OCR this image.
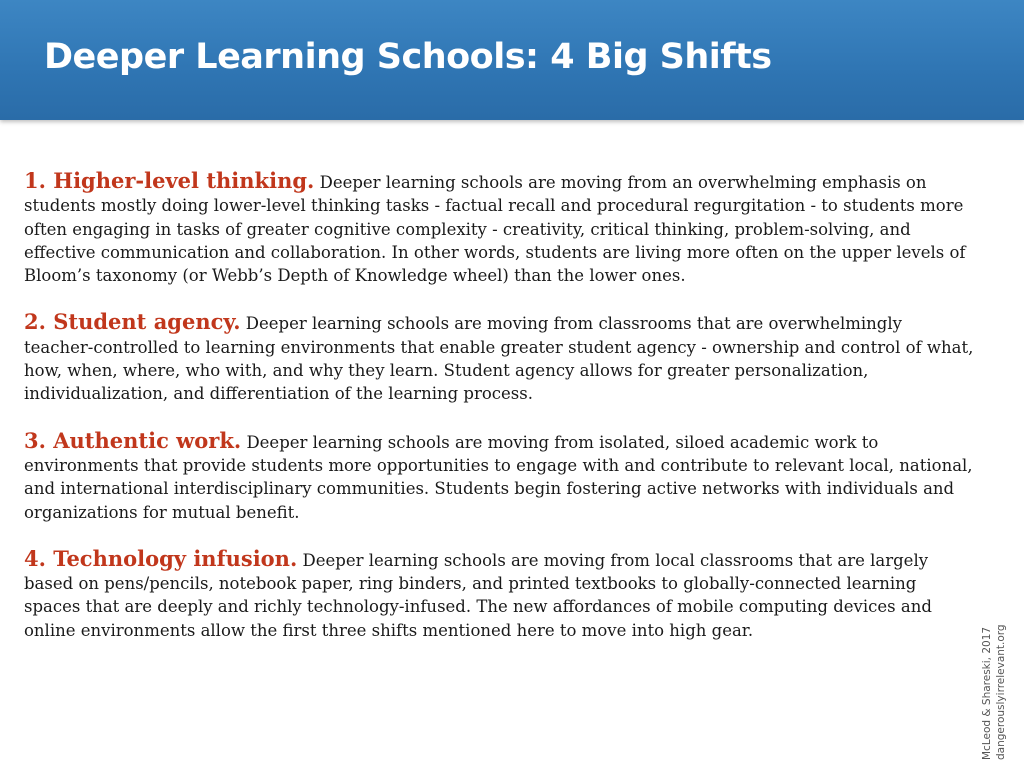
Deeper Learning Schools: 4 Big Shifts

1. Higher-level thinking. Deeper learning schools are moving from an overwhelming emphasis on students mostly doing lower-level thinking tasks - factual recall and procedural regurgitation - to students more often engaging in tasks of greater cognitive complexity - creativity, critical thinking, problem-solving, and effective communication and collaboration. In other words, students are living more often on the upper levels of Bloom’s taxonomy (or Webb’s Depth of Knowledge wheel) than the lower ones.

2. Student agency. Deeper learning schools are moving from classrooms that are overwhelmingly teacher-controlled to learning environments that enable greater student agency - ownership and control of what, how, when, where, who with, and why they learn. Student agency allows for greater personalization, individualization, and differentiation of the learning process.

3. Authentic work. Deeper learning schools are moving from isolated, siloed academic work to environments that provide students more opportunities to engage with and contribute to relevant local, national, and international interdisciplinary communities. Students begin fostering active networks with individuals and organizations for mutual benefit.

4. Technology infusion. Deeper learning schools are moving from local classrooms that are largely based on pens/pencils, notebook paper, ring binders, and printed textbooks to globally-connected learning spaces that are deeply and richly technology-infused. The new affordances of mobile computing devices and online environments allow the first three shifts mentioned here to move into high gear.	McLeod & Shareski, 2017 dangerouslyirrelevant.org
